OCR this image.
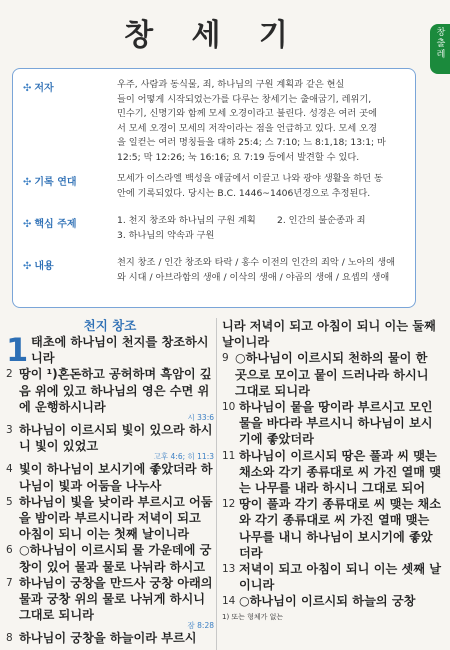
창 세 기	창
출
레
✣ 저자	우주, 사람과 동식물, 죄, 하나님의 구원 계획과 같은 현실
들이 어떻게 시작되었는가를 다루는 창세기는 출애굽기, 레위기,
민수기, 신명기와 함께 모세 오경이라고 불린다. 성경은 여러 곳에
서 모세 오경이 모세의 저작이라는 점을 언급하고 있다. 모세 오경
을 일컫는 여러 명칭들을 대하 25:4; 스 7:10; 느 8:1,18; 13:1; 마
12:5; 막 12:26; 눅 16:16; 요 7:19 등에서 발견할 수 있다.
✣ 기록 연대	모세가 이스라엘 백성을 애굽에서 이끌고 나와 광야 생활을 하던 동
안에 기록되었다. 당시는 B.C. 1446~1406년경으로 추정된다.
✣ 핵심 주제	1. 천지 창조와 하나님의 구원 계획 2. 인간의 불순종과 죄
3. 하나님의 약속과 구원
✣ 내용	천지 창조 / 인간 창조와 타락 / 홍수 이전의 인간의 죄악 / 노아의 생애
와 시대 / 아브라함의 생애 / 이삭의 생애 / 야곱의 생애 / 요셉의 생애
천지 창조
1 태초에 하나님이 천지를 창조하시니라
2 땅이 ¹)혼돈하고 공허하며 흑암이 깊음 위에 있고 하나님의 영은 수면 위에 운행하시니라
시 33:6
3 하나님이 이르시되 빛이 있으라 하시니 빛이 있었고
고후 4:6; 히 11:3
4 빛이 하나님이 보시기에 좋았더라 하나님이 빛과 어둠을 나누사
5 하나님이 빛을 낮이라 부르시고 어둠을 밤이라 부르시니라 저녁이 되고 아침이 되니 이는 첫째 날이니라
6 ○하나님이 이르시되 물 가운데에 궁창이 있어 물과 물로 나뉘라 하시고
7 하나님이 궁창을 만드사 궁창 아래의 물과 궁창 위의 물로 나뉘게 하시니 그대로 되니라
잠 8:28
8 하나님이 궁창을 하늘이라 부르시
니라 저녁이 되고 아침이 되니 이는 둘째 날이니라
9 ○하나님이 이르시되 천하의 물이 한 곳으로 모이고 뭍이 드러나라 하시니 그대로 되니라
10 하나님이 뭍을 땅이라 부르시고 모인 물을 바다라 부르시니 하나님이 보시기에 좋았더라
11 하나님이 이르시되 땅은 풀과 씨 맺는 채소와 각기 종류대로 씨 가진 열매 맺는 나무를 내라 하시니 그대로 되어
12 땅이 풀과 각기 종류대로 씨 맺는 채소와 각기 종류대로 씨 가진 열매 맺는 나무를 내니 하나님이 보시기에 좋았더라
13 저녁이 되고 아침이 되니 이는 셋째 날이니라
14 ○하나님이 이르시되 하늘의 궁창
1) 또는 형체가 없는
